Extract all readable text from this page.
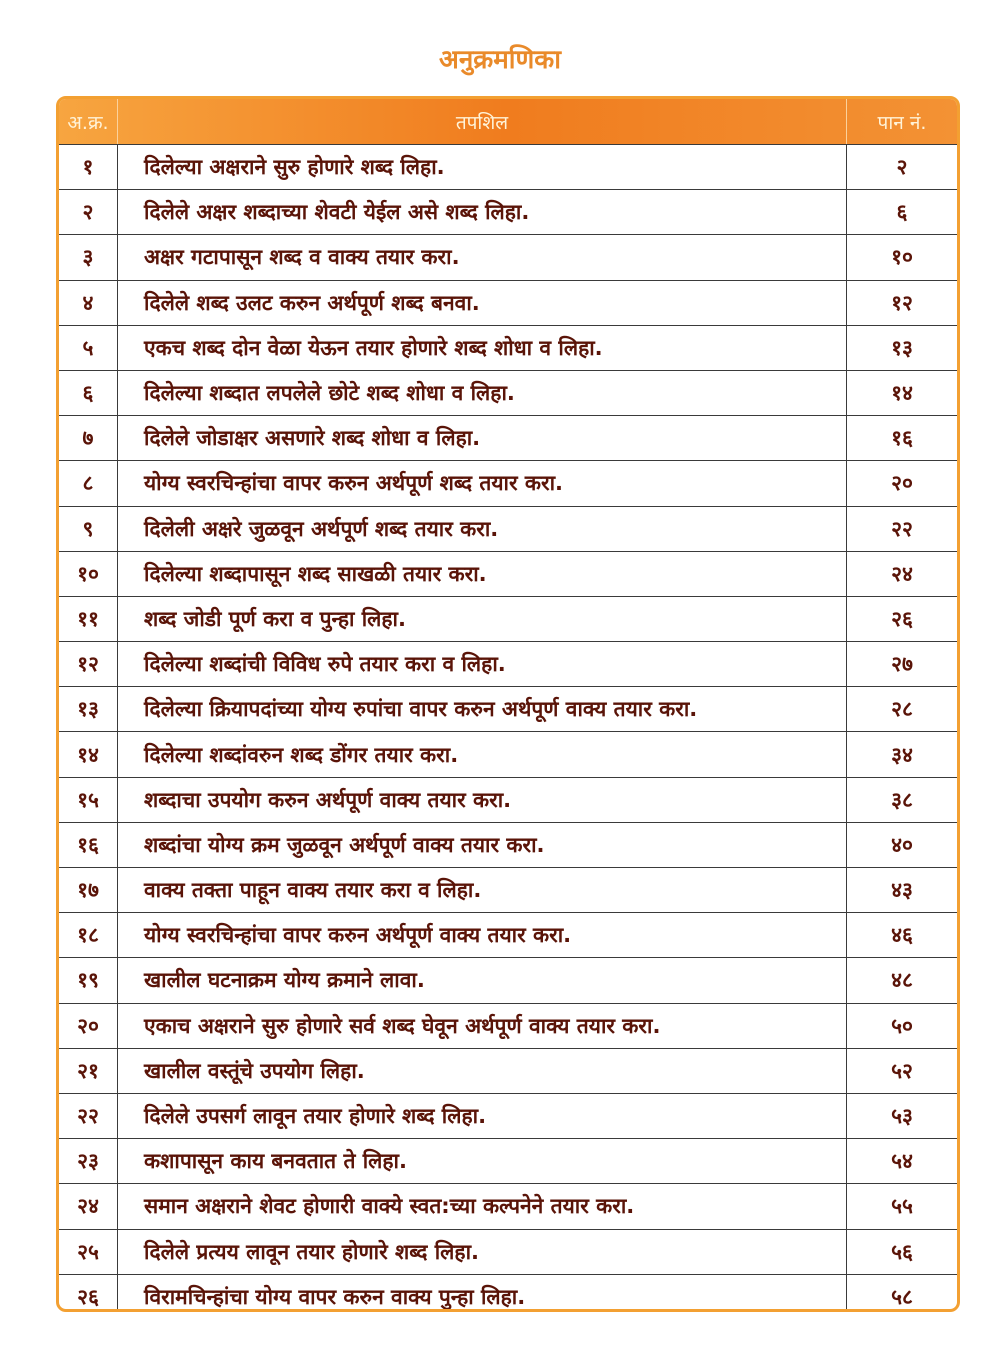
अनुक्रमणिका
अ.क्र.	तपशिल	पान नं.
१	दिलेल्या अक्षराने सुरु होणारे शब्द लिहा.	२
२	दिलेले अक्षर शब्दाच्या शेवटी येईल असे शब्द लिहा.	६
३	अक्षर गटापासून शब्द व वाक्य तयार करा.	१०
४	दिलेले शब्द उलट करुन अर्थपूर्ण शब्द बनवा.	१२
५	एकच शब्द दोन वेळा येऊन तयार होणारे शब्द शोधा व लिहा.	१३
६	दिलेल्या शब्दात लपलेले छोटे शब्द शोधा व लिहा.	१४
७	दिलेले जोडाक्षर असणारे शब्द शोधा व लिहा.	१६
८	योग्य स्वरचिन्हांचा वापर करुन अर्थपूर्ण शब्द तयार करा.	२०
९	दिलेली अक्षरे जुळवून अर्थपूर्ण शब्द तयार करा.	२२
१०	दिलेल्या शब्दापासून शब्द साखळी तयार करा.	२४
११	शब्द जोडी पूर्ण करा व पुन्हा लिहा.	२६
१२	दिलेल्या शब्दांची विविध रुपे तयार करा व लिहा.	२७
१३	दिलेल्या क्रियापदांच्या योग्य रुपांचा वापर करुन अर्थपूर्ण वाक्य तयार करा.	२८
१४	दिलेल्या शब्दांवरुन शब्द डोंगर तयार करा.	३४
१५	शब्दाचा उपयोग करुन अर्थपूर्ण वाक्य तयार करा.	३८
१६	शब्दांचा योग्य क्रम जुळवून अर्थपूर्ण वाक्य तयार करा.	४०
१७	वाक्य तक्ता पाहून वाक्य तयार करा व लिहा.	४३
१८	योग्य स्वरचिन्हांचा वापर करुन अर्थपूर्ण वाक्य तयार करा.	४६
१९	खालील घटनाक्रम योग्य क्रमाने लावा.	४८
२०	एकाच अक्षराने सुरु होणारे सर्व शब्द घेवून अर्थपूर्ण वाक्य तयार करा.	५०
२१	खालील वस्तूंचे उपयोग लिहा.	५२
२२	दिलेले उपसर्ग लावून तयार होणारे शब्द लिहा.	५३
२३	कशापासून काय बनवतात ते लिहा.	५४
२४	समान अक्षराने शेवट होणारी वाक्ये स्वत:च्या कल्पनेने तयार करा.	५५
२५	दिलेले प्रत्यय लावून तयार होणारे शब्द लिहा.	५६
२६	विरामचिन्हांचा योग्य वापर करुन वाक्य पुन्हा लिहा.	५८
